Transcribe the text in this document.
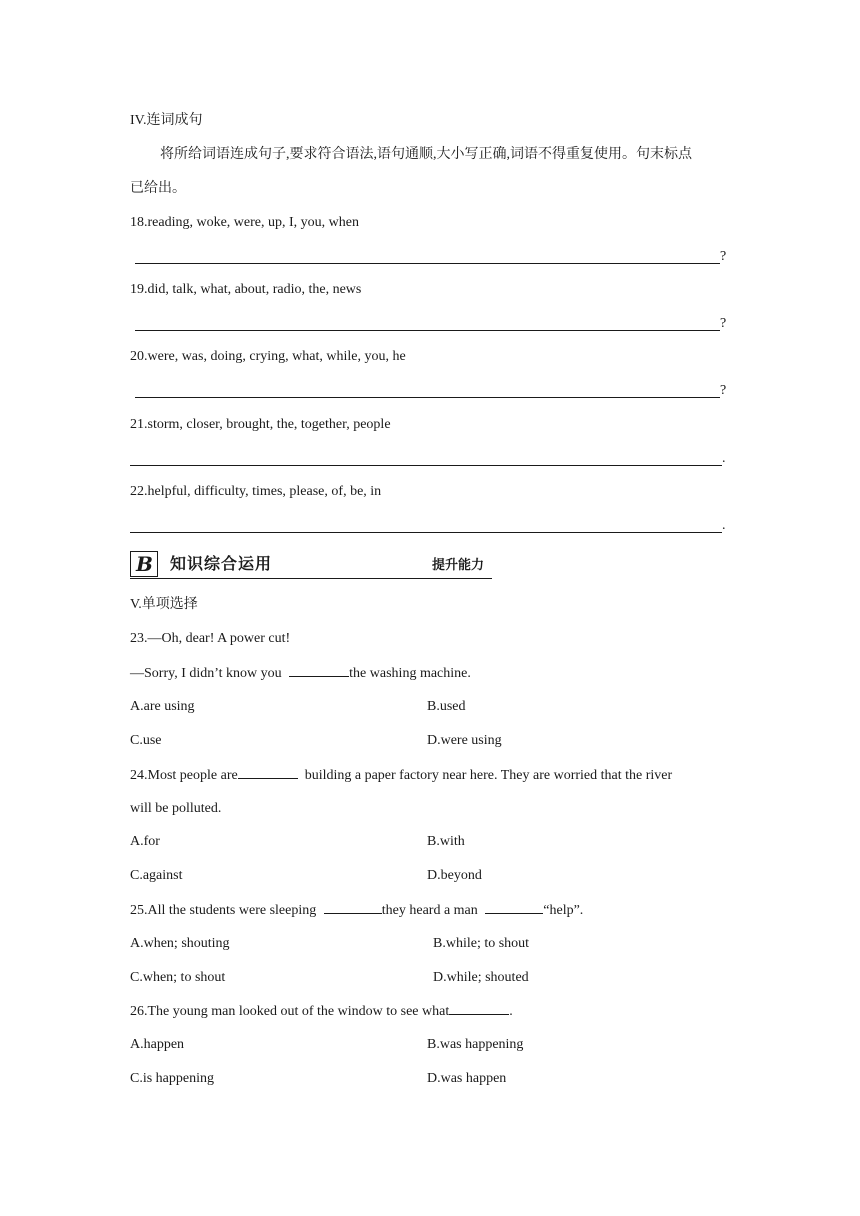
IV.连词成句
将所给词语连成句子,要求符合语法,语句通顺,大小写正确,词语不得重复使用。句末标点
已给出。
18.reading, woke, were, up, I, you, when
?
19.did, talk, what, about, radio, the, news
?
20.were, was, doing, crying, what, while, you, he
?
21.storm, closer, brought, the, together, people
.
22.helpful, difficulty, times, please, of, be, in
.
B 知识综合运用	提升能力
V.单项选择
23.—Oh, dear! A power cut!
—Sorry, I didn’t know you	the washing machine.
A.are using	B.used
C.use	D.were using
24.Most people are	building a paper factory near here. They are worried that the river
will be polluted.
A.for	B.with
C.against	D.beyond
25.All the students were sleeping	they heard a man	“help”.
A.when; shouting	B.while; to shout
C.when; to shout	D.while; shouted
26.The young man looked out of the window to see what	.
A.happen	B.was happening
C.is happening	D.was happen
